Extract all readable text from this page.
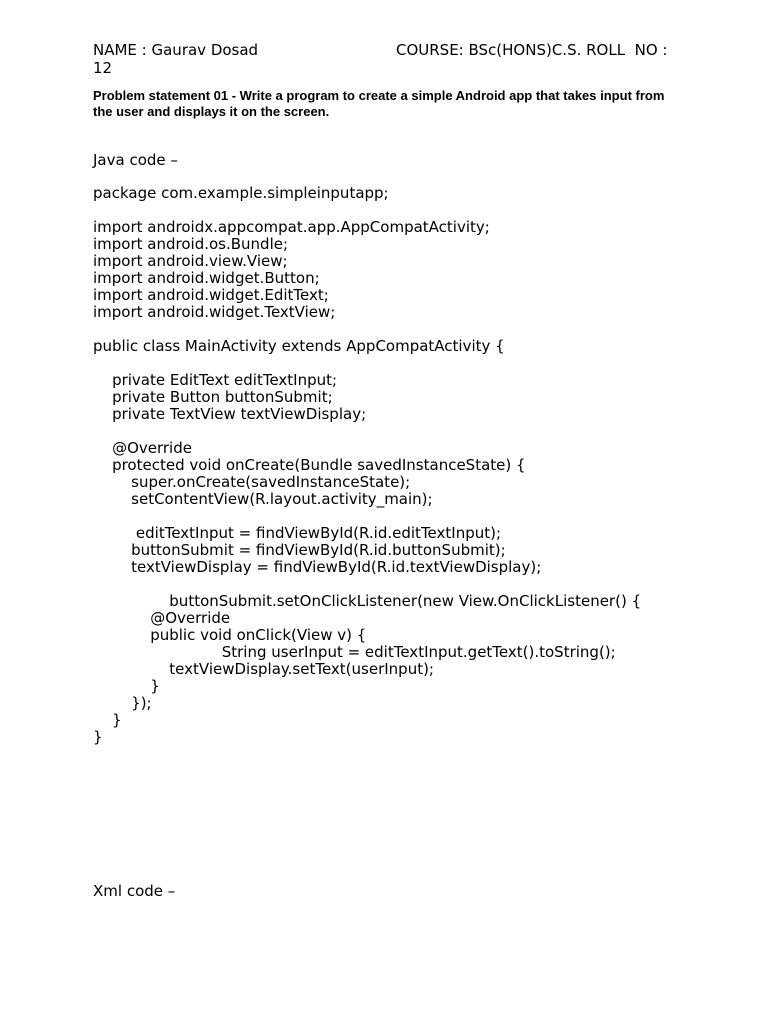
NAME : Gaurav Dosad	COURSE: BSc(HONS)C.S. ROLL  NO :
12
Problem statement 01 - Write a program to create a simple Android app that takes input from the user and displays it on the screen.
Java code –
package com.example.simpleinputapp;
import androidx.appcompat.app.AppCompatActivity;
import android.os.Bundle;
import android.view.View;
import android.widget.Button;
import android.widget.EditText;
import android.widget.TextView;
public class MainActivity extends AppCompatActivity {
private EditText editTextInput;
private Button buttonSubmit;
private TextView textViewDisplay;
@Override
protected void onCreate(Bundle savedInstanceState) {
super.onCreate(savedInstanceState);
setContentView(R.layout.activity_main);
editTextInput = findViewById(R.id.editTextInput);
buttonSubmit = findViewById(R.id.buttonSubmit);
textViewDisplay = findViewById(R.id.textViewDisplay);
buttonSubmit.setOnClickListener(new View.OnClickListener() {
@Override
public void onClick(View v) {
String userInput = editTextInput.getText().toString();
textViewDisplay.setText(userInput);
}
});
}
}
Xml code –
